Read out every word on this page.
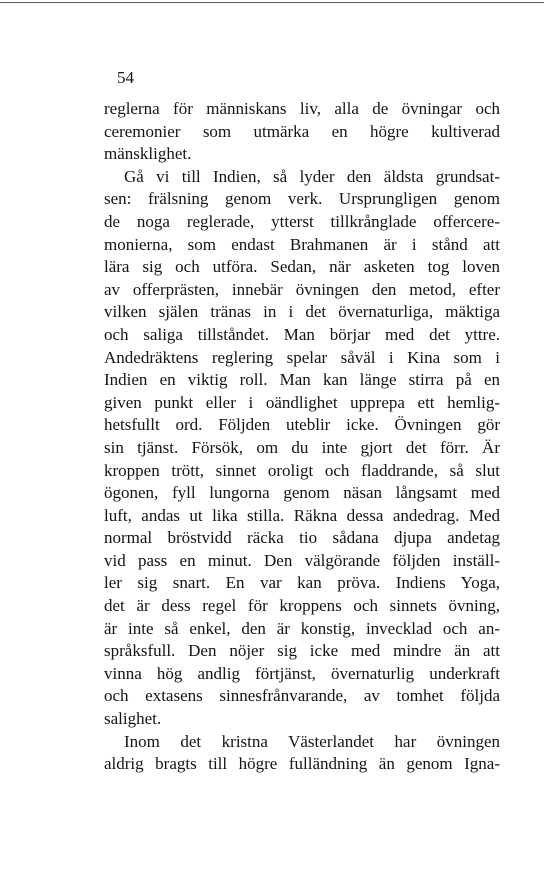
54
reglerna för människans liv, alla de övningar och
ceremonier som utmärka en högre kultiverad
mänsklighet.
Gå vi till Indien, så lyder den äldsta grundsat-
sen: frälsning genom verk. Ursprungligen genom
de noga reglerade, ytterst tillkrånglade offercere-
monierna, som endast Brahmanen är i stånd att
lära sig och utföra. Sedan, när asketen tog loven
av offerprästen, innebär övningen den metod, efter
vilken själen tränas in i det övernaturliga, mäktiga
och saliga tillståndet. Man börjar med det yttre.
Andedräktens reglering spelar såväl i Kina som i
Indien en viktig roll. Man kan länge stirra på en
given punkt eller i oändlighet upprepa ett hemlig-
hetsfullt ord. Följden uteblir icke. Övningen gör
sin tjänst. Försök, om du inte gjort det förr. Är
kroppen trött, sinnet oroligt och fladdrande, så slut
ögonen, fyll lungorna genom näsan långsamt med
luft, andas ut lika stilla. Räkna dessa andedrag. Med
normal bröstvidd räcka tio sådana djupa andetag
vid pass en minut. Den välgörande följden inställ-
ler sig snart. En var kan pröva. Indiens Yoga,
det är dess regel för kroppens och sinnets övning,
är inte så enkel, den är konstig, invecklad och an-
språksfull. Den nöjer sig icke med mindre än att
vinna hög andlig förtjänst, övernaturlig underkraft
och extasens sinnesfrånvarande, av tomhet följda
salighet.
Inom det kristna Västerlandet har övningen
aldrig bragts till högre fulländning än genom Igna-
